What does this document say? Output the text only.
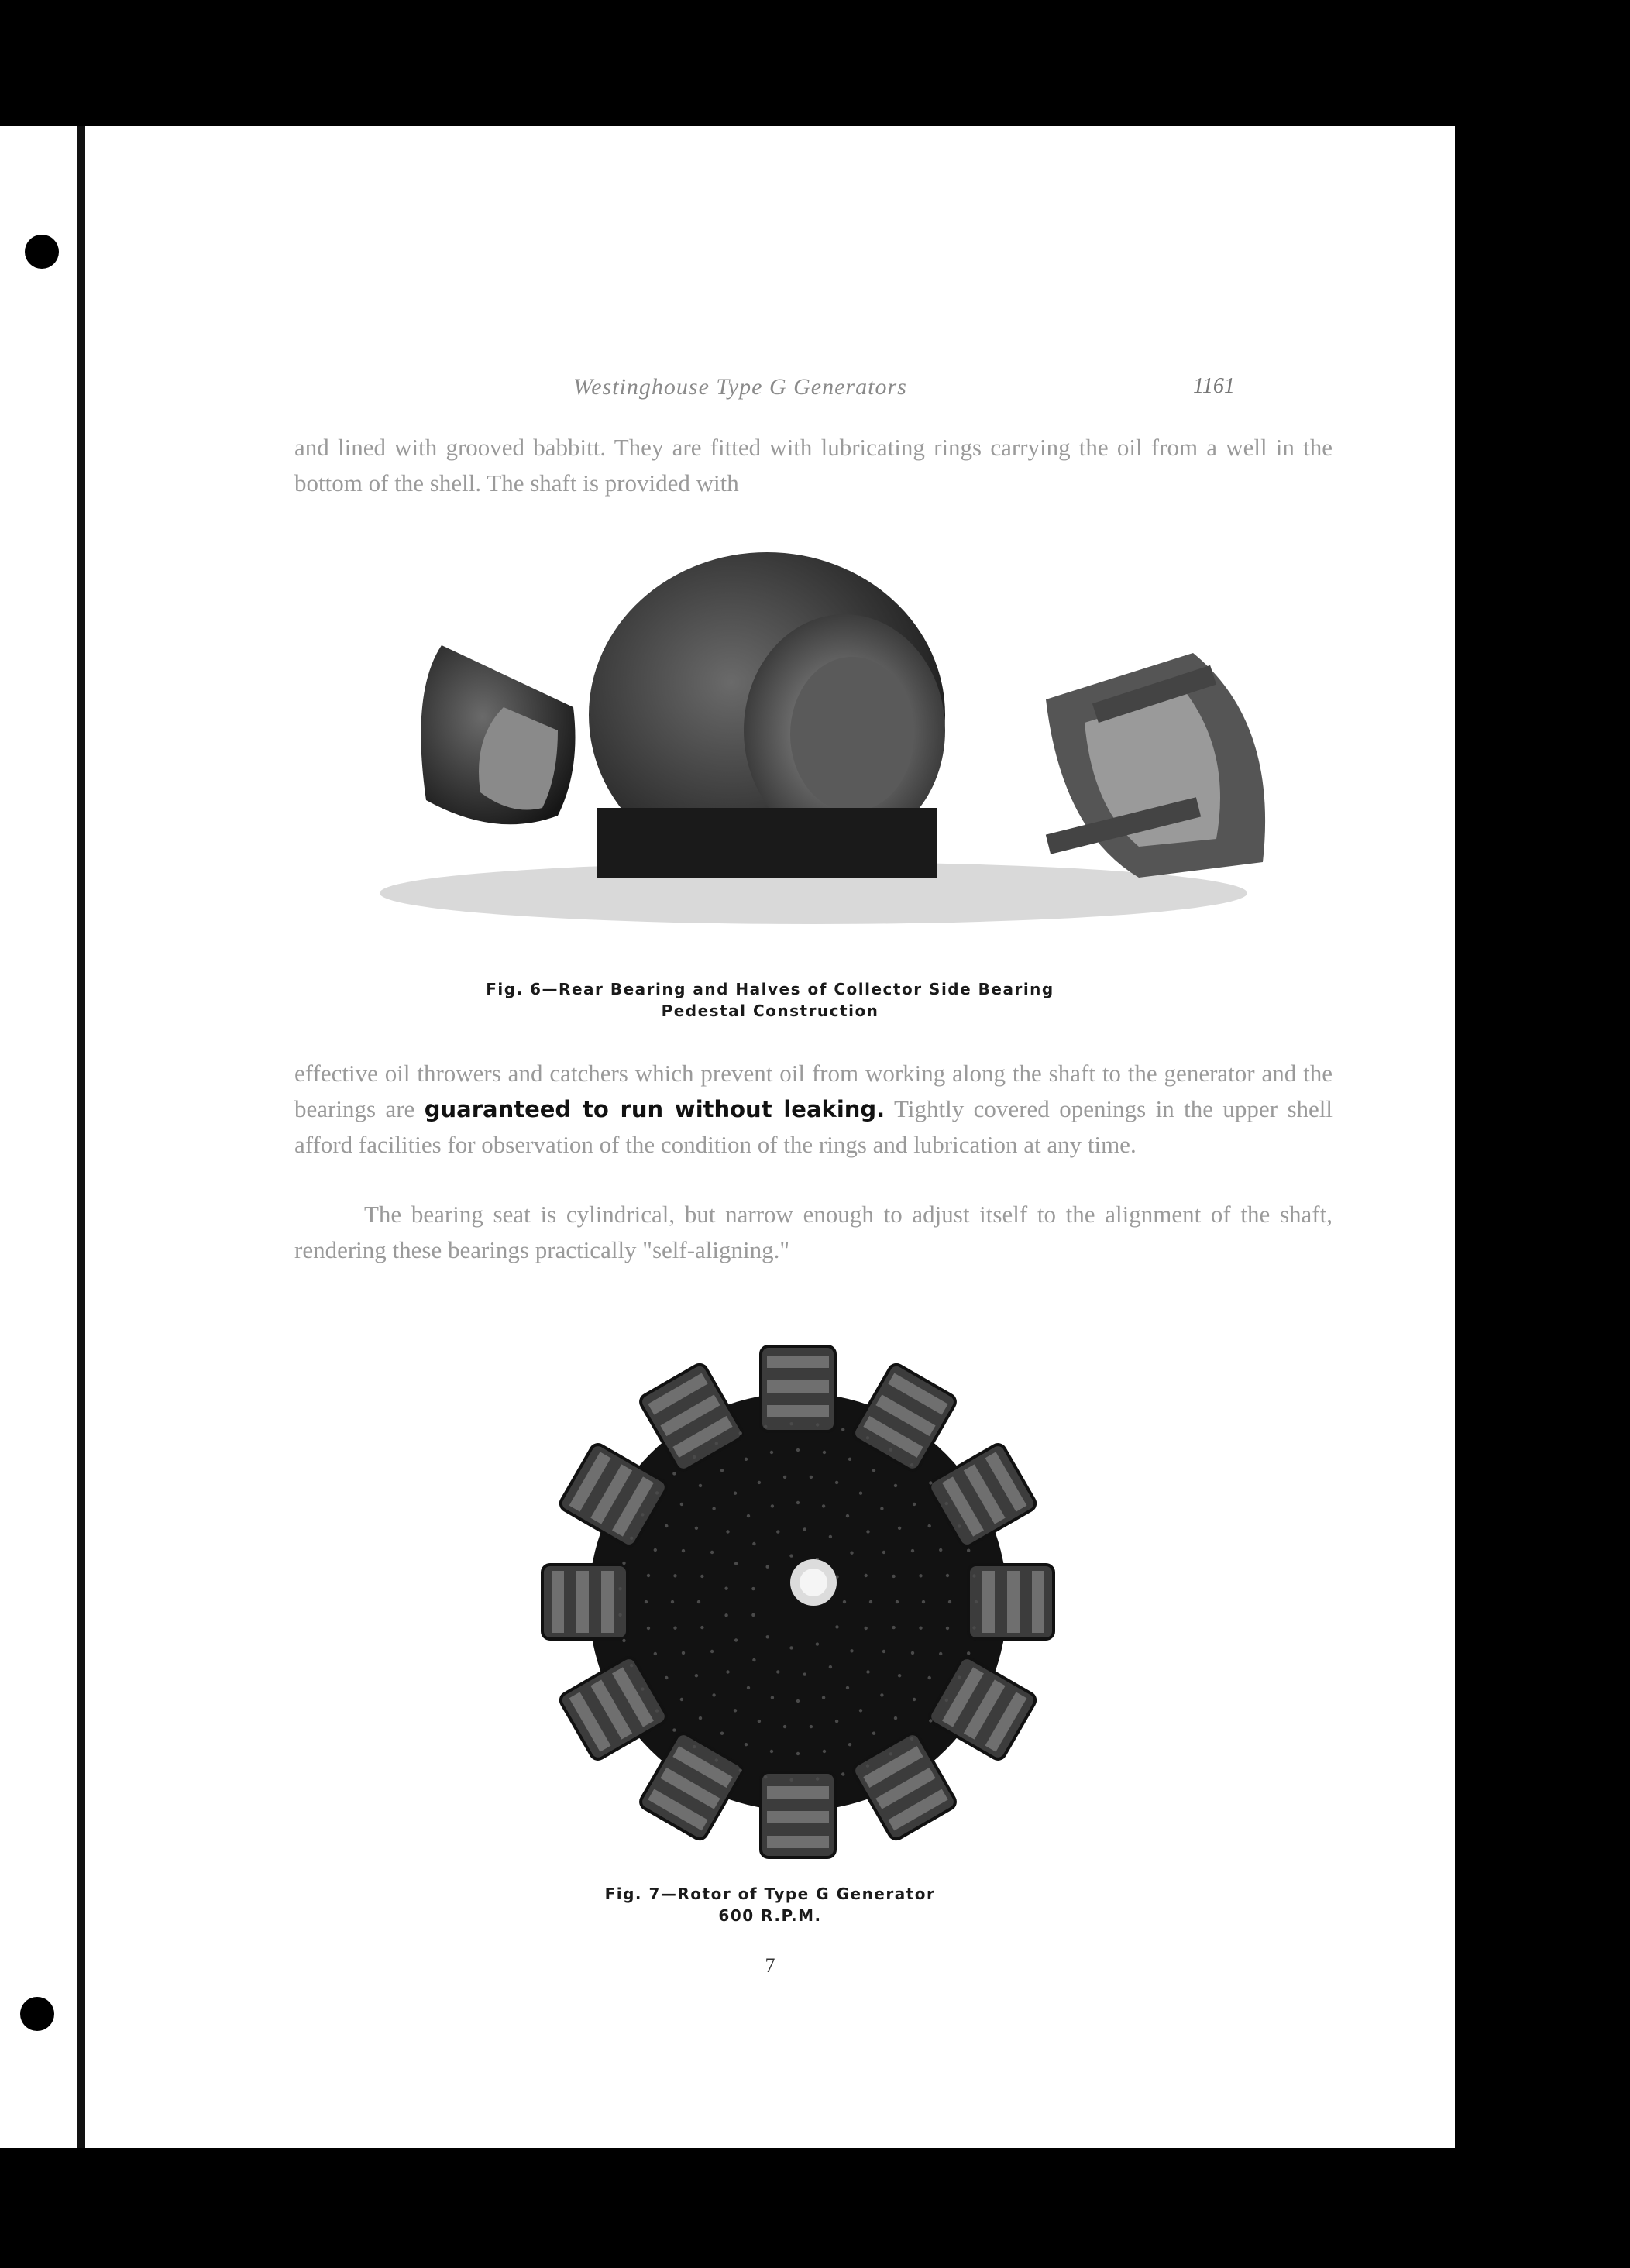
Westinghouse Type G Generators	1161
and lined with grooved babbitt. They are fitted with lubricating rings carrying the oil from a well in the bottom of the shell. The shaft is provided with
Fig. 6—Rear Bearing and Halves of Collector Side Bearing
Pedestal Construction
effective oil throwers and catchers which prevent oil from working along the shaft to the generator and the bearings are guaranteed to run without leaking. Tightly covered openings in the upper shell afford facilities for observation of the condition of the rings and lubrication at any time.
The bearing seat is cylindrical, but narrow enough to adjust itself to the alignment of the shaft, rendering these bearings practically "self-aligning."
Fig. 7—Rotor of Type G Generator
600 R.P.M.
7
